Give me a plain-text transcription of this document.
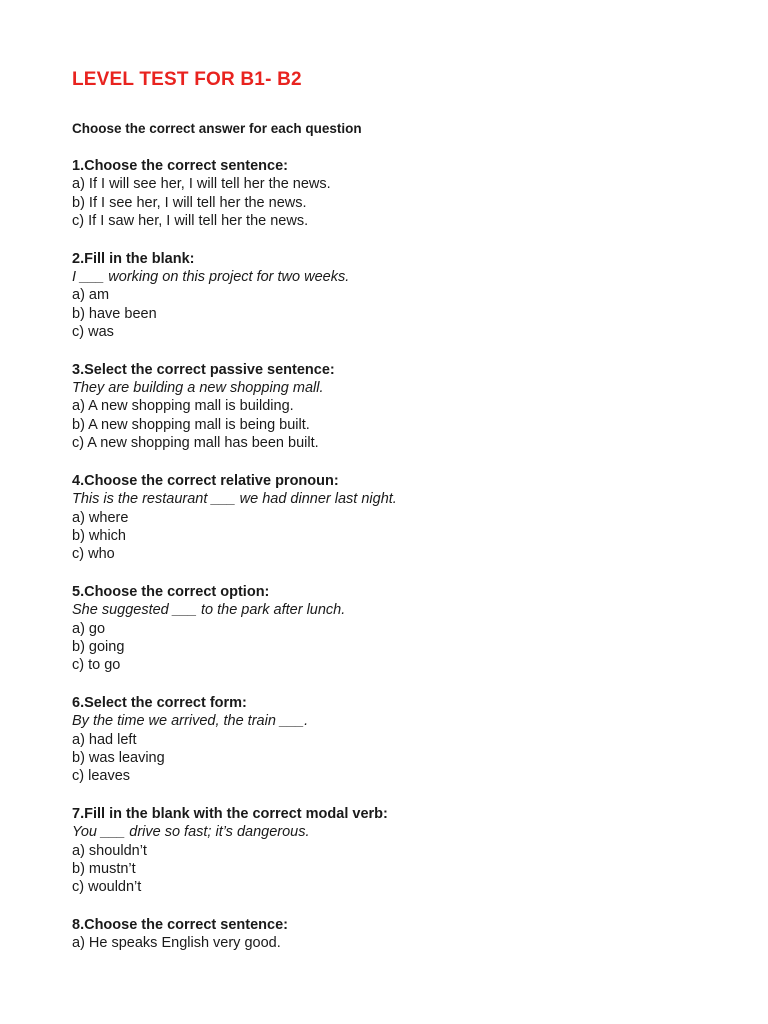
LEVEL TEST FOR B1- B2

Choose the correct answer for each question

1.Choose the correct sentence:

a) If I will see her, I will tell her the news.
b) If I see her, I will tell her the news.
c) If I saw her, I will tell her the news.

2.Fill in the blank:

I ___ working on this project for two weeks.

a) am
b) have been
c) was

3.Select the correct passive sentence:

They are building a new shopping mall.

a) A new shopping mall is building.
b) A new shopping mall is being built.
c) A new shopping mall has been built.

4.Choose the correct relative pronoun:

This is the restaurant ___ we had dinner last night.

a) where
b) which
c) who

5.Choose the correct option:

She suggested ___ to the park after lunch.

a) go
b) going
c) to go

6.Select the correct form:

By the time we arrived, the train ___.

a) had left
b) was leaving
c) leaves

7.Fill in the blank with the correct modal verb:

You ___ drive so fast; it’s dangerous.

a) shouldn’t
b) mustn’t
c) wouldn’t

8.Choose the correct sentence:

a) He speaks English very good.
